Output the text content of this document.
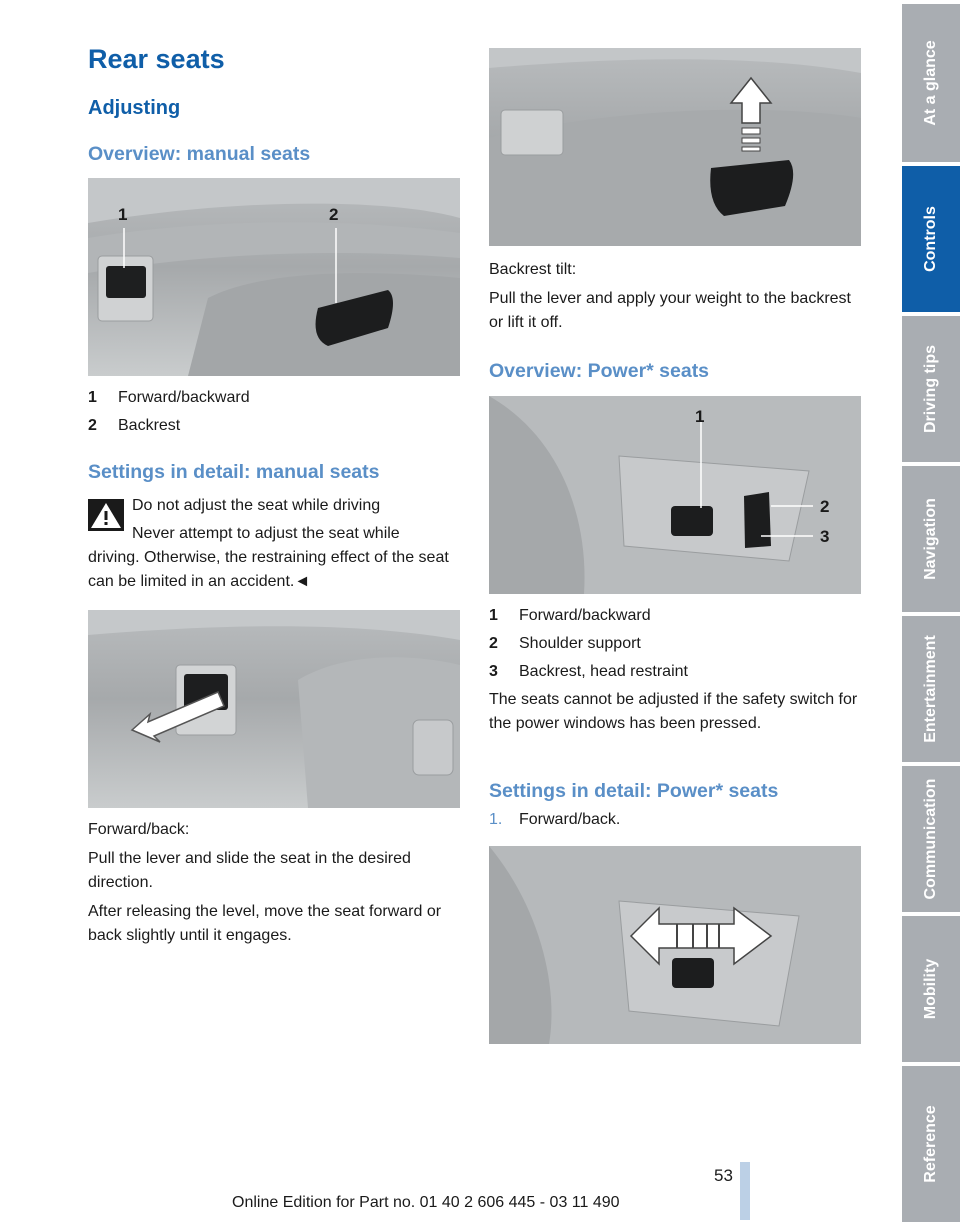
Rear seats
Adjusting
Overview: manual seats
1	2
1	Forward/backward
2	Backrest
Settings in detail: manual seats
Do not adjust the seat while driving
Never attempt to adjust the seat while
driving. Otherwise, the restraining effect of the seat can be limited in an accident.◄

Forward/back:

Pull the lever and slide the seat in the desired direction.

After releasing the level, move the seat forward or back slightly until it engages.

Backrest tilt:

Pull the lever and apply your weight to the backrest or lift it off.

Overview: Power* seats
1
2
3
1	Forward/backward
2	Shoulder support
3	Backrest, head restraint

The seats cannot be adjusted if the safety switch for the power windows has been pressed.

Settings in detail: Power* seats
1.	Forward/back.
At a glance
Controls
Driving tips
Navigation
Entertainment
Communication
Mobility
Reference
53
Online Edition for Part no. 01 40 2 606 445 - 03 11 490
